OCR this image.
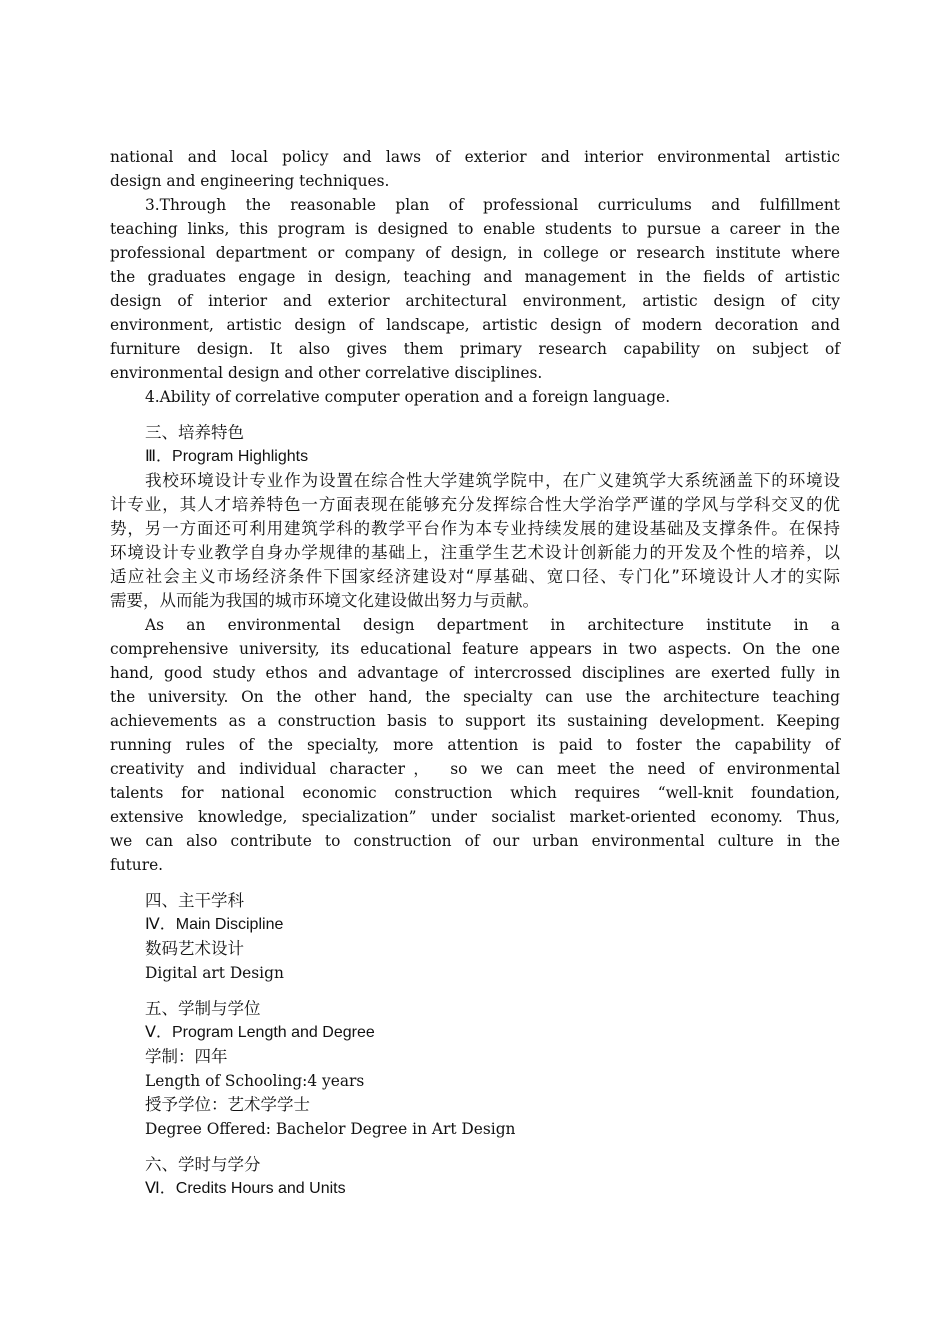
national and local policy and laws of exterior and interior environmental artistic
design and engineering techniques.
3.Through the reasonable plan of professional curriculums and fulfillment
teaching links, this program is designed to enable students to pursue a career in the
professional department or company of design, in college or research institute where
the graduates engage in design, teaching and management in the fields of artistic
design of interior and exterior architectural environment, artistic design of city
environment, artistic design of landscape, artistic design of modern decoration and
furniture design. It also gives them primary research capability on subject of
environmental design and other correlative disciplines.
4.Ability of correlative computer operation and a foreign language.
三、培养特色
Ⅲ．Program Highlights
我校环境设计专业作为设置在综合性大学建筑学院中，在广义建筑学大系统涵盖下的环境设
计专业，其人才培养特色一方面表现在能够充分发挥综合性大学治学严谨的学风与学科交叉的优
势，另一方面还可利用建筑学科的教学平台作为本专业持续发展的建设基础及支撑条件。在保持
环境设计专业教学自身办学规律的基础上，注重学生艺术设计创新能力的开发及个性的培养，以
适应社会主义市场经济条件下国家经济建设对“厚基础、宽口径、专门化”环境设计人才的实际
需要，从而能为我国的城市环境文化建设做出努力与贡献。
As an environmental design department in architecture institute in a
comprehensive university, its educational feature appears in two aspects. On the one
hand, good study ethos and advantage of intercrossed disciplines are exerted fully in
the university. On the other hand, the specialty can use the architecture teaching
achievements as a construction basis to support its sustaining development. Keeping
running rules of the specialty, more attention is paid to foster the capability of
creativity and individual character， so we can meet the need of environmental
talents for national economic construction which requires “well-knit foundation,
extensive knowledge, specialization” under socialist market-oriented economy. Thus,
we can also contribute to construction of our urban environmental culture in the
future.
四、主干学科
Ⅳ．Main Discipline
数码艺术设计
Digital art Design
五、学制与学位
Ⅴ．Program Length and Degree
学制：四年
Length of Schooling:4 years
授予学位：艺术学学士
Degree Offered: Bachelor Degree in Art Design
六、学时与学分
Ⅵ．Credits Hours and Units
